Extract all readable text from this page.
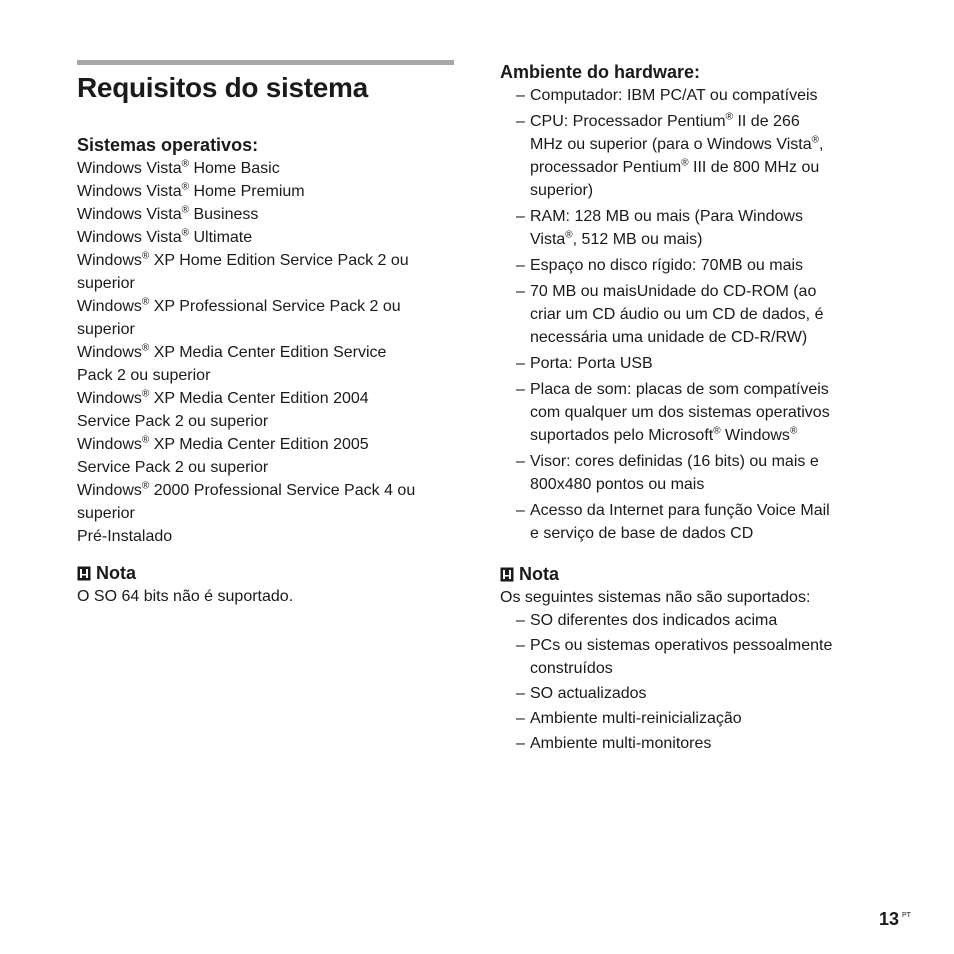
Requisitos do sistema
Sistemas operativos:
Windows Vista® Home Basic
Windows Vista® Home Premium
Windows Vista® Business
Windows Vista® Ultimate
Windows® XP Home Edition Service Pack 2 ou
superior
Windows® XP Professional Service Pack 2 ou
superior
Windows® XP Media Center Edition Service
Pack 2 ou superior
Windows® XP Media Center Edition 2004
Service Pack 2 ou superior
Windows® XP Media Center Edition 2005
Service Pack 2 ou superior
Windows® 2000 Professional Service Pack 4 ou
superior
Pré-Instalado
Nota
O SO 64 bits não é suportado.
Ambiente do hardware:
– Computador: IBM PC/AT ou compatíveis
– CPU: Processador Pentium® II de 266
MHz ou superior (para o Windows Vista®,
processador Pentium® III de 800 MHz ou
superior)
– RAM: 128 MB ou mais (Para Windows
Vista®, 512 MB ou mais)
– Espaço no disco rígido: 70MB ou mais
– 70 MB ou maisUnidade do CD-ROM (ao
criar um CD áudio ou um CD de dados, é
necessária uma unidade de CD-R/RW)
– Porta: Porta USB
– Placa de som: placas de som compatíveis
com qualquer um dos sistemas operativos
suportados pelo Microsoft® Windows®
– Visor: cores definidas (16 bits) ou mais e
800x480 pontos ou mais
– Acesso da Internet para função Voice Mail
e serviço de base de dados CD
Nota
Os seguintes sistemas não são suportados:
– SO diferentes dos indicados acima
– PCs ou sistemas operativos pessoalmente
construídos
– SO actualizados
– Ambiente multi-reinicialização
– Ambiente multi-monitores
13 PT
